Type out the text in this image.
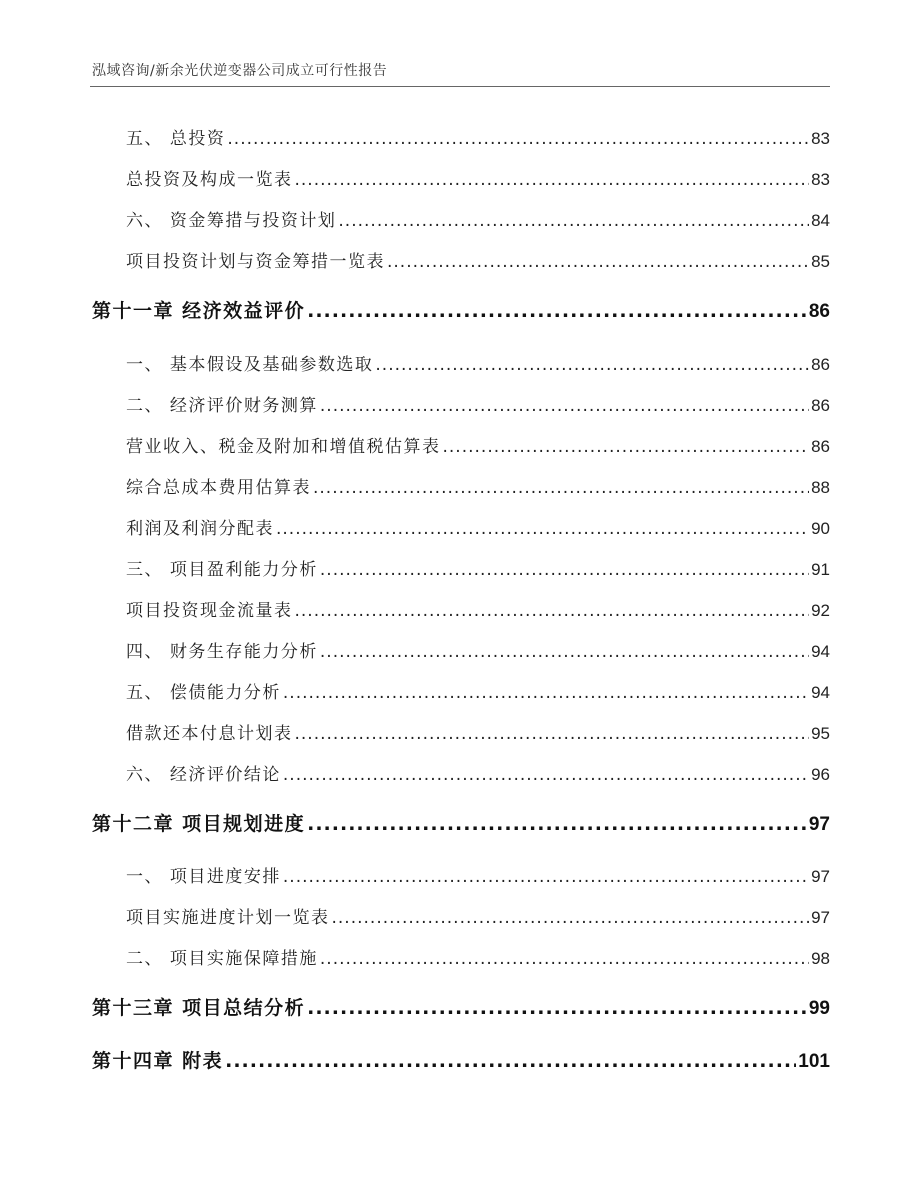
泓域咨询/新余光伏逆变器公司成立可行性报告
五、 总投资 .....	83
总投资及构成一览表 .....	83
六、 资金筹措与投资计划 .....	84
项目投资计划与资金筹措一览表 .....	85
第十一章 经济效益评价 .....	86
一、 基本假设及基础参数选取 .....	86
二、 经济评价财务测算 .....	86
营业收入、税金及附加和增值税估算表 .....	86
综合总成本费用估算表 .....	88
利润及利润分配表 .....	90
三、 项目盈利能力分析 .....	91
项目投资现金流量表 .....	92
四、 财务生存能力分析 .....	94
五、 偿债能力分析 .....	94
借款还本付息计划表 .....	95
六、 经济评价结论 .....	96
第十二章 项目规划进度 .....	97
一、 项目进度安排 .....	97
项目实施进度计划一览表 .....	97
二、 项目实施保障措施 .....	98
第十三章 项目总结分析 .....	99
第十四章 附表 .....	101
